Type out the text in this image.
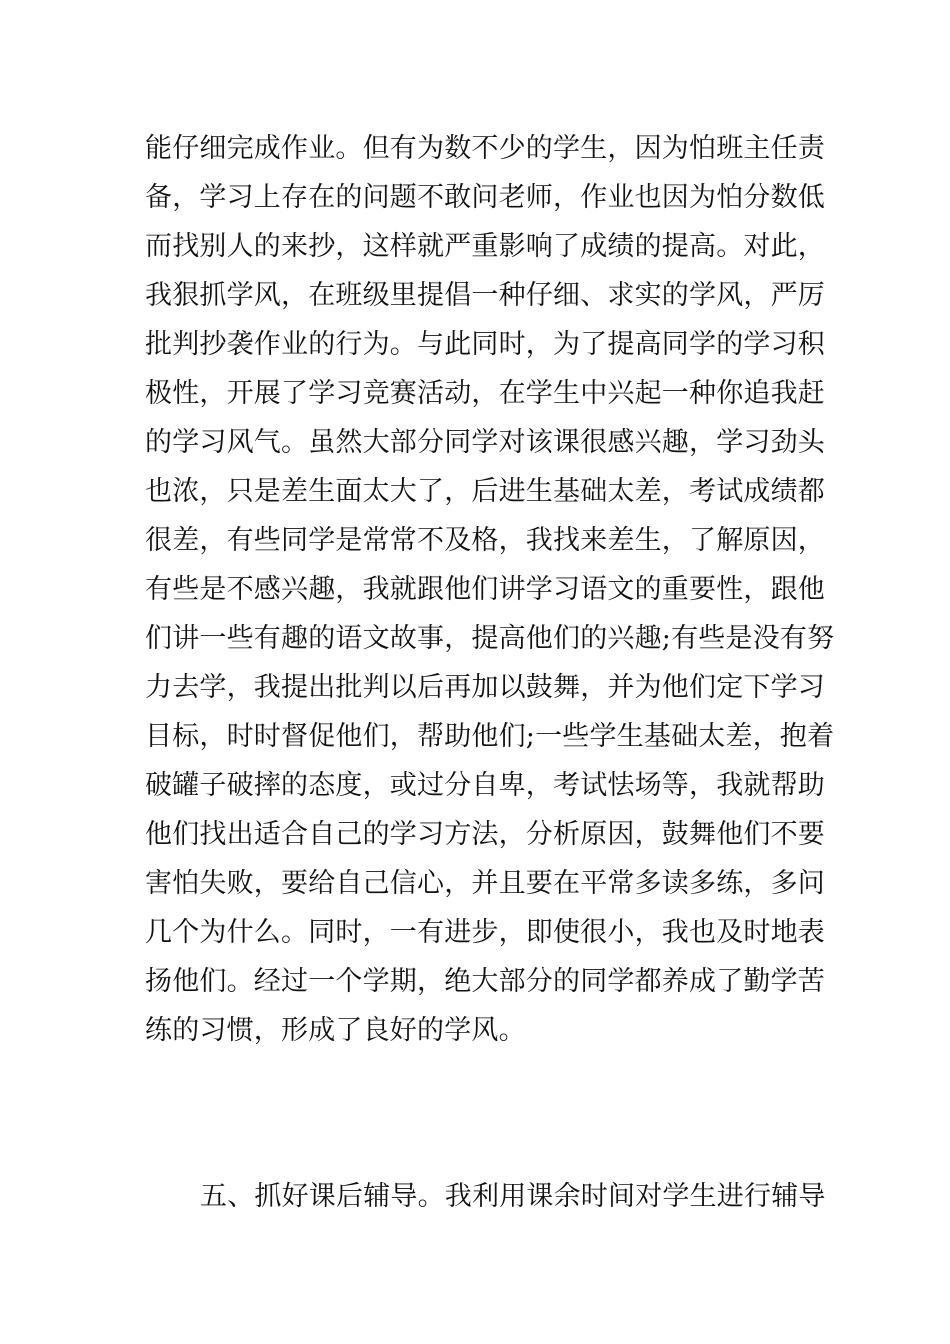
能仔细完成作业。但有为数不少的学生，因为怕班主任责
备，学习上存在的问题不敢问老师，作业也因为怕分数低
而找别人的来抄，这样就严重影响了成绩的提高。对此，
我狠抓学风，在班级里提倡一种仔细、求实的学风，严厉
批判抄袭作业的行为。与此同时，为了提高同学的学习积
极性，开展了学习竞赛活动，在学生中兴起一种你追我赶
的学习风气。虽然大部分同学对该课很感兴趣，学习劲头
也浓，只是差生面太大了，后进生基础太差，考试成绩都
很差，有些同学是常常不及格，我找来差生，了解原因，
有些是不感兴趣，我就跟他们讲学习语文的重要性，跟他
们讲一些有趣的语文故事，提高他们的兴趣;有些是没有努
力去学，我提出批判以后再加以鼓舞，并为他们定下学习
目标，时时督促他们，帮助他们;一些学生基础太差，抱着
破罐子破摔的态度，或过分自卑，考试怯场等，我就帮助
他们找出适合自己的学习方法，分析原因，鼓舞他们不要
害怕失败，要给自己信心，并且要在平常多读多练，多问
几个为什么。同时，一有进步，即使很小，我也及时地表
扬他们。经过一个学期，绝大部分的同学都养成了勤学苦
练的习惯，形成了良好的学风。
五、抓好课后辅导。我利用课余时间对学生进行辅导
